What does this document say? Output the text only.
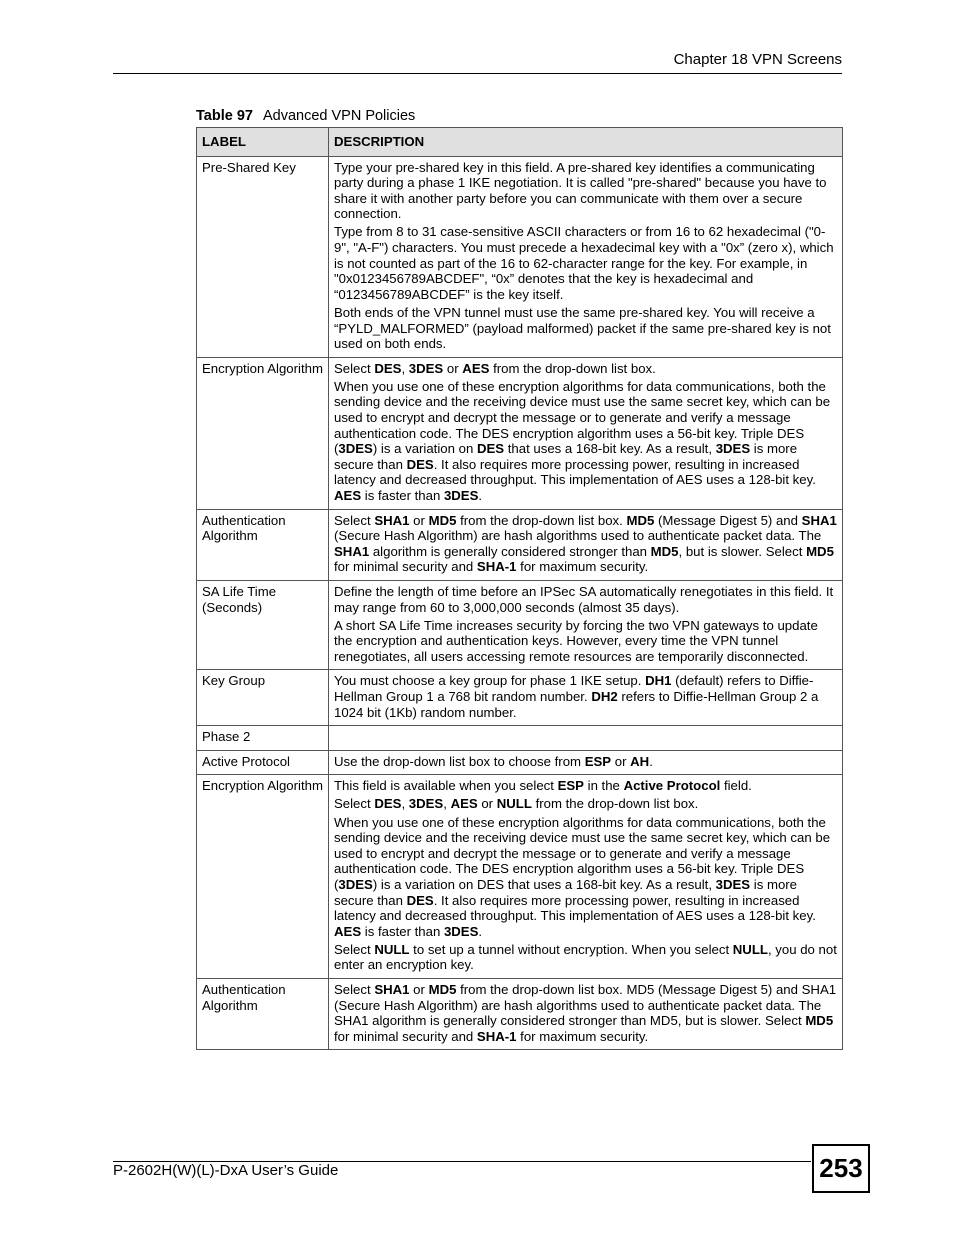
Chapter 18 VPN Screens
Table 97 Advanced VPN Policies
LABEL	DESCRIPTION
Pre-Shared Key	Type your pre-shared key in this field. A pre-shared key identifies a communicating party during a phase 1 IKE negotiation. It is called "pre-shared" because you have to share it with another party before you can communicate with them over a secure connection.

Type from 8 to 31 case-sensitive ASCII characters or from 16 to 62 hexadecimal ("0-9", "A-F") characters. You must precede a hexadecimal key with a "0x” (zero x), which is not counted as part of the 16 to 62-character range for the key. For example, in "0x0123456789ABCDEF", “0x” denotes that the key is hexadecimal and “0123456789ABCDEF” is the key itself.

Both ends of the VPN tunnel must use the same pre-shared key. You will receive a “PYLD_MALFORMED” (payload malformed) packet if the same pre-shared key is not used on both ends.

Encryption Algorithm	Select DES, 3DES or AES from the drop-down list box.

When you use one of these encryption algorithms for data communications, both the sending device and the receiving device must use the same secret key, which can be used to encrypt and decrypt the message or to generate and verify a message authentication code. The DES encryption algorithm uses a 56-bit key. Triple DES (3DES) is a variation on DES that uses a 168-bit key. As a result, 3DES is more secure than DES. It also requires more processing power, resulting in increased latency and decreased throughput. This implementation of AES uses a 128-bit key. AES is faster than 3DES.

Authentication Algorithm	Select SHA1 or MD5 from the drop-down list box. MD5 (Message Digest 5) and SHA1 (Secure Hash Algorithm) are hash algorithms used to authenticate packet data. The SHA1 algorithm is generally considered stronger than MD5, but is slower. Select MD5 for minimal security and SHA-1 for maximum security.

SA Life Time (Seconds)	Define the length of time before an IPSec SA automatically renegotiates in this field. It may range from 60 to 3,000,000 seconds (almost 35 days).

A short SA Life Time increases security by forcing the two VPN gateways to update the encryption and authentication keys. However, every time the VPN tunnel renegotiates, all users accessing remote resources are temporarily disconnected.

Key Group	You must choose a key group for phase 1 IKE setup. DH1 (default) refers to Diffie-Hellman Group 1 a 768 bit random number. DH2 refers to Diffie-Hellman Group 2 a 1024 bit (1Kb) random number.

Phase 2	
Active Protocol	Use the drop-down list box to choose from ESP or AH.

Encryption Algorithm	This field is available when you select ESP in the Active Protocol field.

Select DES, 3DES, AES or NULL from the drop-down list box.

When you use one of these encryption algorithms for data communications, both the sending device and the receiving device must use the same secret key, which can be used to encrypt and decrypt the message or to generate and verify a message authentication code. The DES encryption algorithm uses a 56-bit key. Triple DES (3DES) is a variation on DES that uses a 168-bit key. As a result, 3DES is more secure than DES. It also requires more processing power, resulting in increased latency and decreased throughput. This implementation of AES uses a 128-bit key. AES is faster than 3DES.

Select NULL to set up a tunnel without encryption. When you select NULL, you do not enter an encryption key.

Authentication Algorithm	Select SHA1 or MD5 from the drop-down list box. MD5 (Message Digest 5) and SHA1 (Secure Hash Algorithm) are hash algorithms used to authenticate packet data. The SHA1 algorithm is generally considered stronger than MD5, but is slower. Select MD5 for minimal security and SHA-1 for maximum security.

P-2602H(W)(L)-DxA User’s Guide	253
